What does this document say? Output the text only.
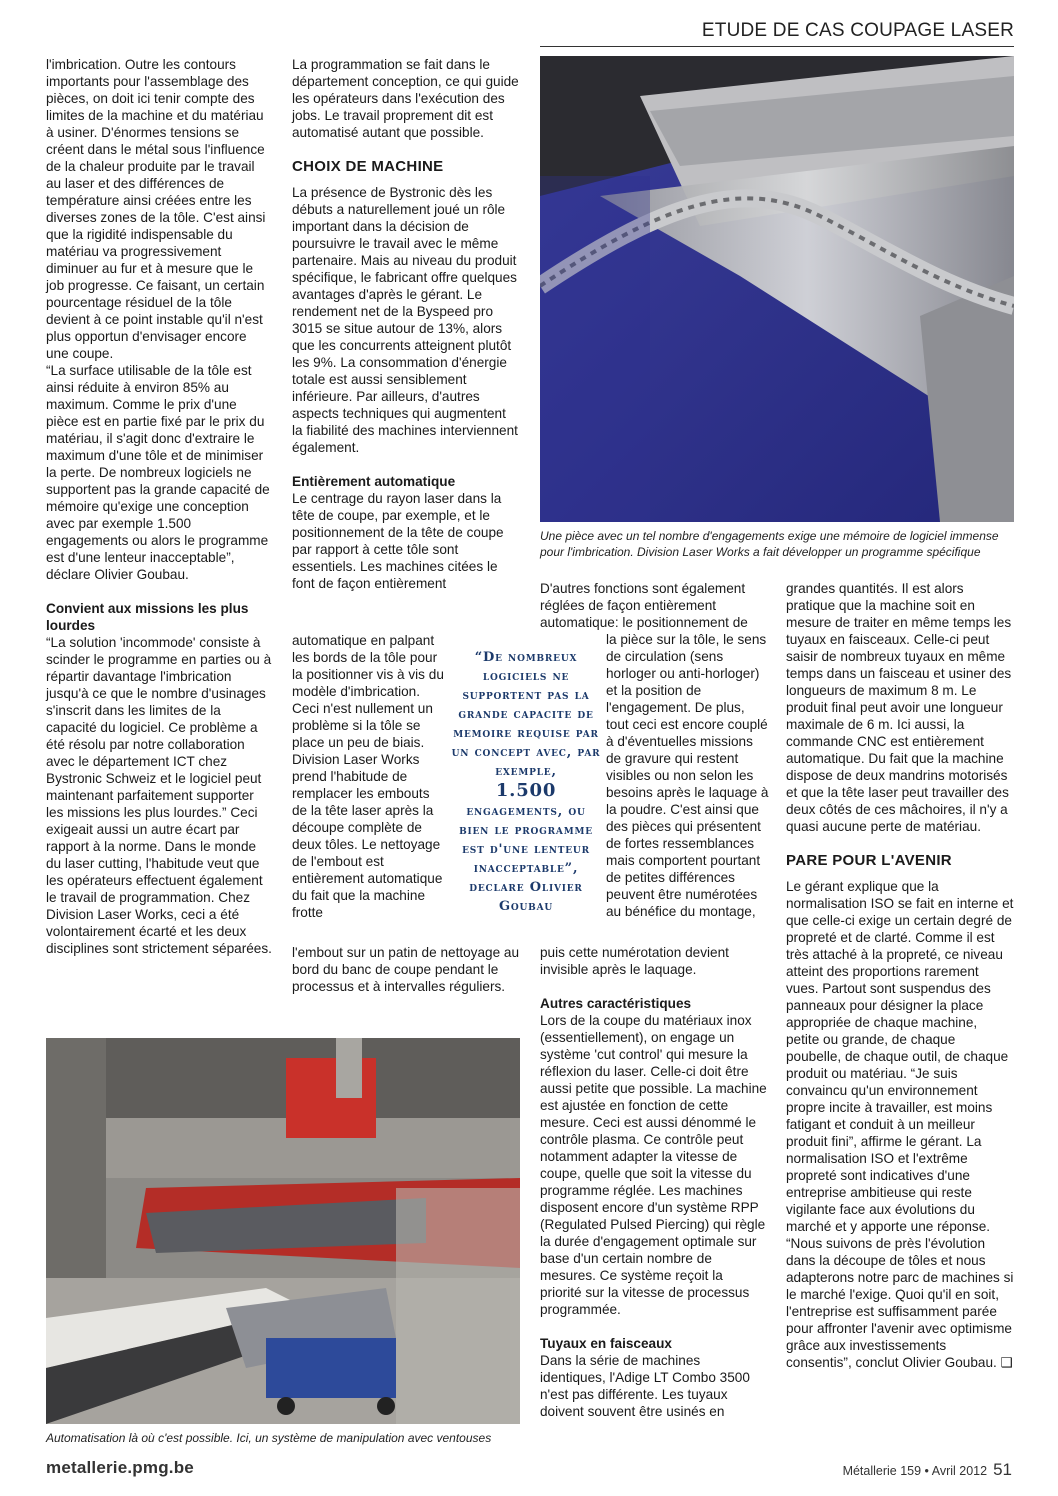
ETUDE DE CAS COUPAGE LASER

l'imbrication. Outre les contours importants pour l'assemblage des pièces, on doit ici tenir compte des limites de la machine et du matériau à usiner. D'énormes tensions se créent dans le métal sous l'influence de la chaleur produite par le travail au laser et des différences de température ainsi créées entre les diverses zones de la tôle. C'est ainsi que la rigidité indispensable du matériau va progressivement diminuer au fur et à mesure que le job progresse. Ce faisant, un certain pourcentage résiduel de la tôle devient à ce point instable qu'il n'est plus opportun d'envisager encore une coupe.

“La surface utilisable de la tôle est ainsi réduite à environ 85% au maximum. Comme le prix d'une pièce est en partie fixé par le prix du matériau, il s'agit donc d'extraire le maximum d'une tôle et de minimiser la perte. De nombreux logiciels ne supportent pas la grande capacité de mémoire qu'exige une conception avec par exemple 1.500 engagements ou alors le programme est d'une lenteur inacceptable”, déclare Olivier Goubau.

Convient aux missions les plus lourdes

“La solution 'incommode' consiste à scinder le programme en parties ou à répartir davantage l'imbrication jusqu'à ce que le nombre d'usinages s'inscrit dans les limites de la capacité du logiciel. Ce problème a été résolu par notre collaboration avec le département ICT chez Bystronic Schweiz et le logiciel peut maintenant parfaitement supporter les missions les plus lourdes.” Ceci exigeait aussi un autre écart par rapport à la norme. Dans le monde du laser cutting, l'habitude veut que les opérateurs effectuent également le travail de programmation. Chez Division Laser Works, ceci a été volontairement écarté et les deux disciplines sont strictement séparées.

La programmation se fait dans le département conception, ce qui guide les opérateurs dans l'exécution des jobs. Le travail proprement dit est automatisé autant que possible.

CHOIX DE MACHINE

La présence de Bystronic dès les débuts a naturellement joué un rôle important dans la décision de poursuivre le travail avec le même partenaire. Mais au niveau du produit spécifique, le fabricant offre quelques avantages d'après le gérant. Le rendement net de la Byspeed pro 3015 se situe autour de 13%, alors que les concurrents atteignent plutôt les 9%. La consommation d'énergie totale est aussi sensiblement inférieure. Par ailleurs, d'autres aspects techniques qui augmentent la fiabilité des machines interviennent également.

Entièrement automatique

Le centrage du rayon laser dans la tête de coupe, par exemple, et le positionnement de la tête de coupe par rapport à cette tôle sont essentiels. Les machines citées le font de façon entièrement

automatique en palpant les bords de la tôle pour la positionner vis à vis du modèle d'imbrication. Ceci n'est nullement un problème si la tôle se place un peu de biais. Division Laser Works prend l'habitude de remplacer les embouts de la tête laser après la découpe complète de deux tôles. Le nettoyage de l'embout est entièrement automatique du fait que la machine frotte

l'embout sur un patin de nettoyage au bord du banc de coupe pendant le processus et à intervalles réguliers.

“De nombreux logiciels ne supportent pas la grande capacite de memoire requise par un concept avec, par exemple,
1.500
engagements, ou bien le programme est d'une lenteur inacceptable”, declare Olivier Goubau
Une pièce avec un tel nombre d'engagements exige une mémoire de logiciel immense pour l'imbrication. Division Laser Works a fait développer un programme spécifique

D'autres fonctions sont également réglées de façon entièrement automatique: le positionnement de

la pièce sur la tôle, le sens de circulation (sens horloger ou anti-horloger) et la position de l'engagement. De plus, tout ceci est encore couplé à d'éventuelles missions de gravure qui restent visibles ou non selon les besoins après le laquage à la poudre. C'est ainsi que des pièces qui présentent de fortes ressemblances mais comportent pourtant de petites différences peuvent être numérotées au bénéfice du montage,

puis cette numérotation devient invisible après le laquage.

Autres caractéristiques

Lors de la coupe du matériaux inox (essentiellement), on engage un système 'cut control' qui mesure la réflexion du laser. Celle-ci doit être aussi petite que possible. La machine est ajustée en fonction de cette mesure. Ceci est aussi dénommé le contrôle plasma. Ce contrôle peut notamment adapter la vitesse de coupe, quelle que soit la vitesse du programme réglée. Les machines disposent encore d'un système RPP (Regulated Pulsed Piercing) qui règle la durée d'engagement optimale sur base d'un certain nombre de mesures. Ce système reçoit la priorité sur la vitesse de processus programmée.

Tuyaux en faisceaux

Dans la série de machines identiques, l'Adige LT Combo 3500 n'est pas différente. Les tuyaux doivent souvent être usinés en

grandes quantités. Il est alors pratique que la machine soit en mesure de traiter en même temps les tuyaux en faisceaux. Celle-ci peut saisir de nombreux tuyaux en même temps dans un faisceau et usiner des longueurs de maximum 8 m. Le produit final peut avoir une longueur maximale de 6 m. Ici aussi, la commande CNC est entièrement automatique. Du fait que la machine dispose de deux mandrins motorisés et que la tête laser peut travailler des deux côtés de ces mâchoires, il n'y a quasi aucune perte de matériau.

PARE POUR L'AVENIR

Le gérant explique que la normalisation ISO se fait en interne et que celle-ci exige un certain degré de propreté et de clarté. Comme il est très attaché à la propreté, ce niveau atteint des proportions rarement vues. Partout sont suspendus des panneaux pour désigner la place appropriée de chaque machine, petite ou grande, de chaque poubelle, de chaque outil, de chaque produit ou matériau. “Je suis convaincu qu'un environnement propre incite à travailler, est moins fatigant et conduit à un meilleur produit fini”, affirme le gérant. La normalisation ISO et l'extrême propreté sont indicatives d'une entreprise ambitieuse qui reste vigilante face aux évolutions du marché et y apporte une réponse. “Nous suivons de près l'évolution dans la découpe de tôles et nous adapterons notre parc de machines si le marché l'exige. Quoi qu'il en soit, l'entreprise est suffisamment parée pour affronter l'avenir avec optimisme grâce aux investissements consentis”, conclut Olivier Goubau. ❑

Automatisation là où c'est possible. Ici, un système de manipulation avec ventouses
metallerie.pmg.be	Métallerie 159 • Avril 2012 51
